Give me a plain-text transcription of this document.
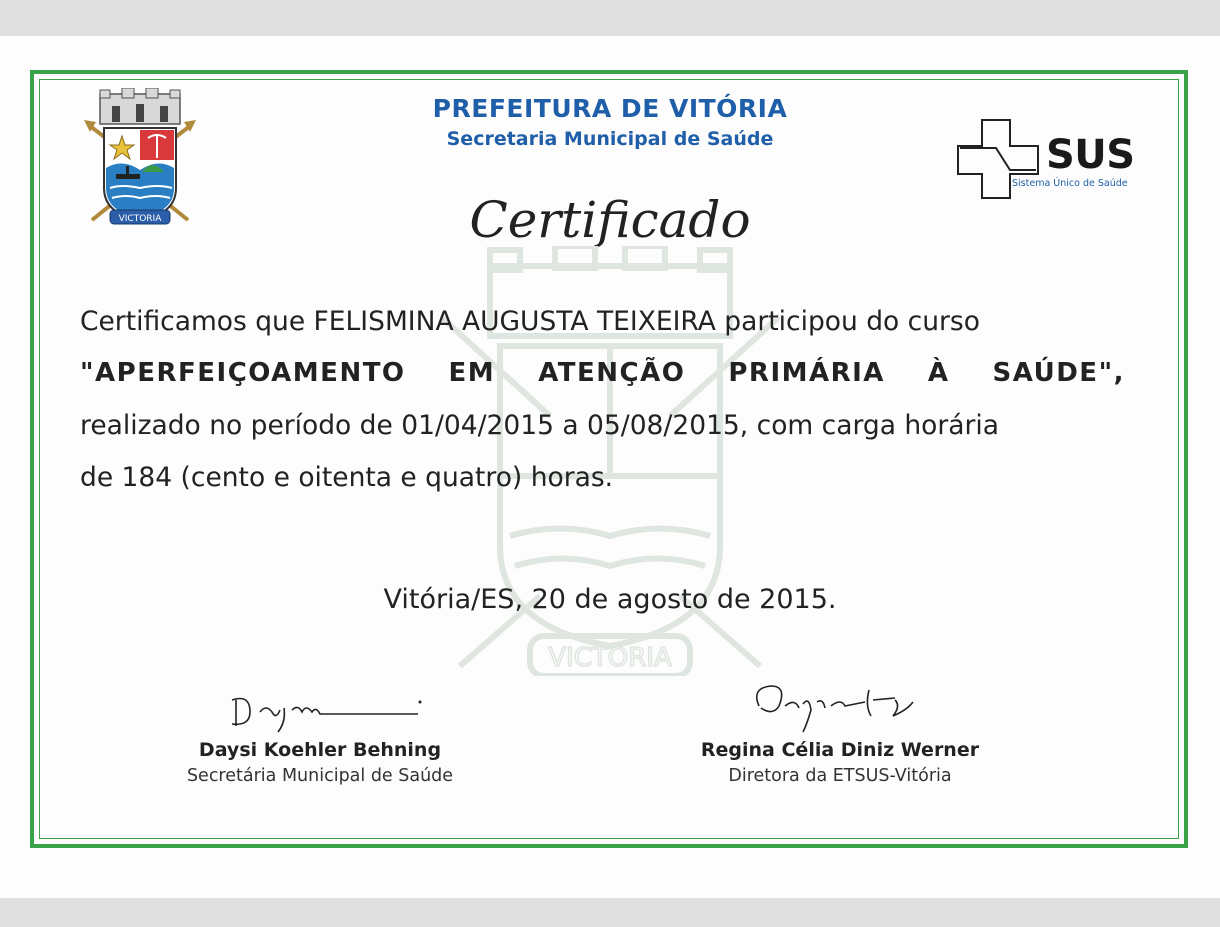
VICTORIA
PREFEITURA DE VITÓRIA
Secretaria Municipal de Saúde	SUS
Sistema Único de Saúde
Certificado
VICTORIA
Certificamos que FELISMINA AUGUSTA TEIXEIRA participou do curso
"APERFEIÇOAMENTO EM ATENÇÃO PRIMÁRIA À SAÚDE",
realizado no período de 01/04/2015 a 05/08/2015, com carga horária
de 184 (cento e oitenta e quatro) horas.
Vitória/ES, 20 de agosto de 2015.
Daysi Koehler Behning
Secretária Municipal de Saúde
Regina Célia Diniz Werner
Diretora da ETSUS-Vitória
